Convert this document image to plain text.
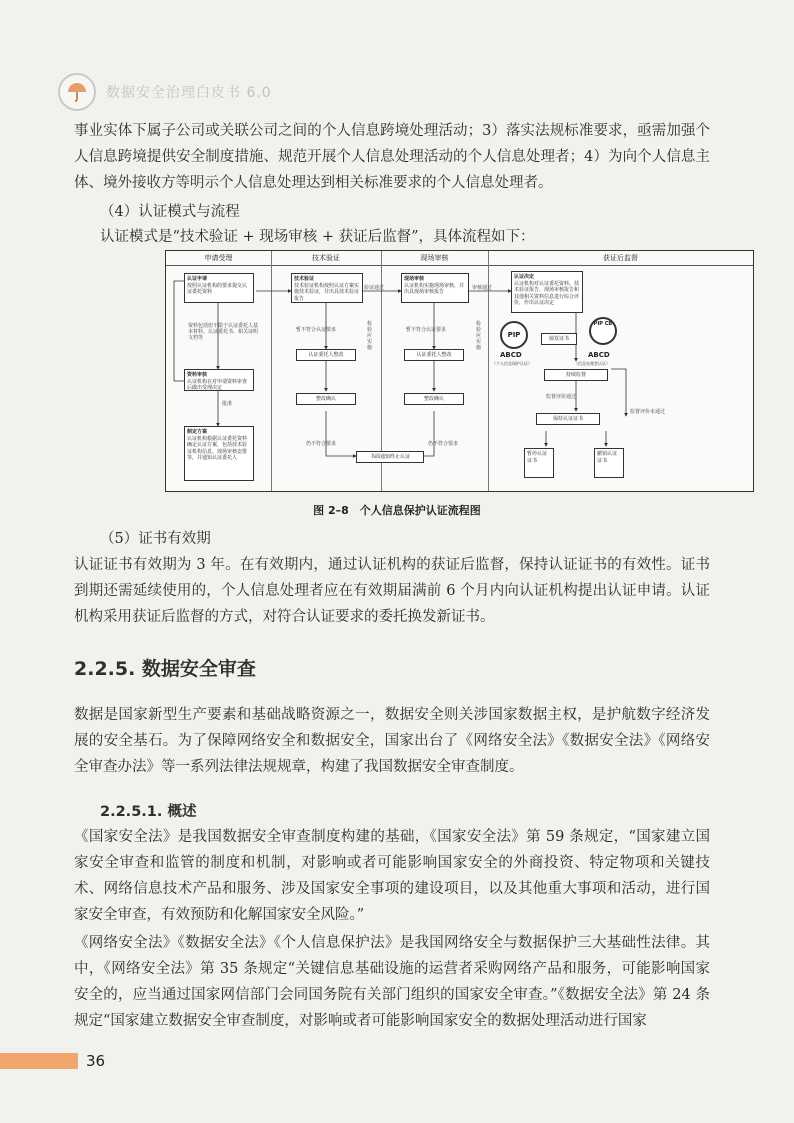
数据安全治理白皮书 6.0

事业实体下属子公司或关联公司之间的个人信息跨境处理活动；3）落实法规标准要求，亟需加强个人信息跨境提供安全制度措施、规范开展个人信息处理活动的个人信息处理者；4）为向个人信息主体、境外接收方等明示个人信息处理达到相关标准要求的个人信息处理者。

（4）认证模式与流程

认证模式是“技术验证 + 现场审核 + 获证后监督”，具体流程如下：

申请受理	技术验证	现场审核	获证后监督
认证申请
按照认证机构的要求提交认证委托资料
资料包括但不限于认证委托人基本材料、认证委托书、相关证明文档等
资料审核
认证机构在对申请资料审查后做出受理决定
批准
制定方案
认证机构根据认证委托资料确定认证方案，包括技术验证机构信息、现场审核安排等，并通知认证委托人
技术验证
技术验证机构按照认证方案实施技术验证，并出具技术验证报告
暂不符合认证要求
认证委托人整改
整改确认
仍不符合要求
验证通过
检验应实施
现场审核
认证机构实施现场审核，并出具现场审核报告
暂不符合认证要求
认证委托人整改
整改确认
仍不符合要求
书面通知终止认证
审核通过
检验应实施
认证决定
认证机构对认证委托资料、技术验证报告、现场审核报告和其他相关资料信息进行综合评价，作出认证决定
PIP
ABCD
（个人信息保护认证）
颁发证书
PIP CB
ABCD
（信息处理者认证）
持续监督
监督评价通过
监督评价未通过
保持认证证书
暂停认证证书
撤销认证证书
图 2–8　个人信息保护认证流程图

（5）证书有效期

认证证书有效期为 3 年。在有效期内，通过认证机构的获证后监督，保持认证证书的有效性。证书到期还需延续使用的，个人信息处理者应在有效期届满前 6 个月内向认证机构提出认证申请。认证机构采用获证后监督的方式，对符合认证要求的委托换发新证书。

2.2.5. 数据安全审查

数据是国家新型生产要素和基础战略资源之一，数据安全则关涉国家数据主权，是护航数字经济发展的安全基石。为了保障网络安全和数据安全，国家出台了《网络安全法》《数据安全法》《网络安全审查办法》等一系列法律法规规章，构建了我国数据安全审查制度。

2.2.5.1. 概述

《国家安全法》是我国数据安全审查制度构建的基础，《国家安全法》第 59 条规定，“国家建立国家安全审查和监管的制度和机制，对影响或者可能影响国家安全的外商投资、特定物项和关键技术、网络信息技术产品和服务、涉及国家安全事项的建设项目，以及其他重大事项和活动，进行国家安全审查，有效预防和化解国家安全风险。”

《网络安全法》《数据安全法》《个人信息保护法》是我国网络安全与数据保护三大基础性法律。其中，《网络安全法》第 35 条规定“关键信息基础设施的运营者采购网络产品和服务，可能影响国家安全的，应当通过国家网信部门会同国务院有关部门组织的国家安全审查。”《数据安全法》第 24 条规定“国家建立数据安全审查制度，对影响或者可能影响国家安全的数据处理活动进行国家

36
